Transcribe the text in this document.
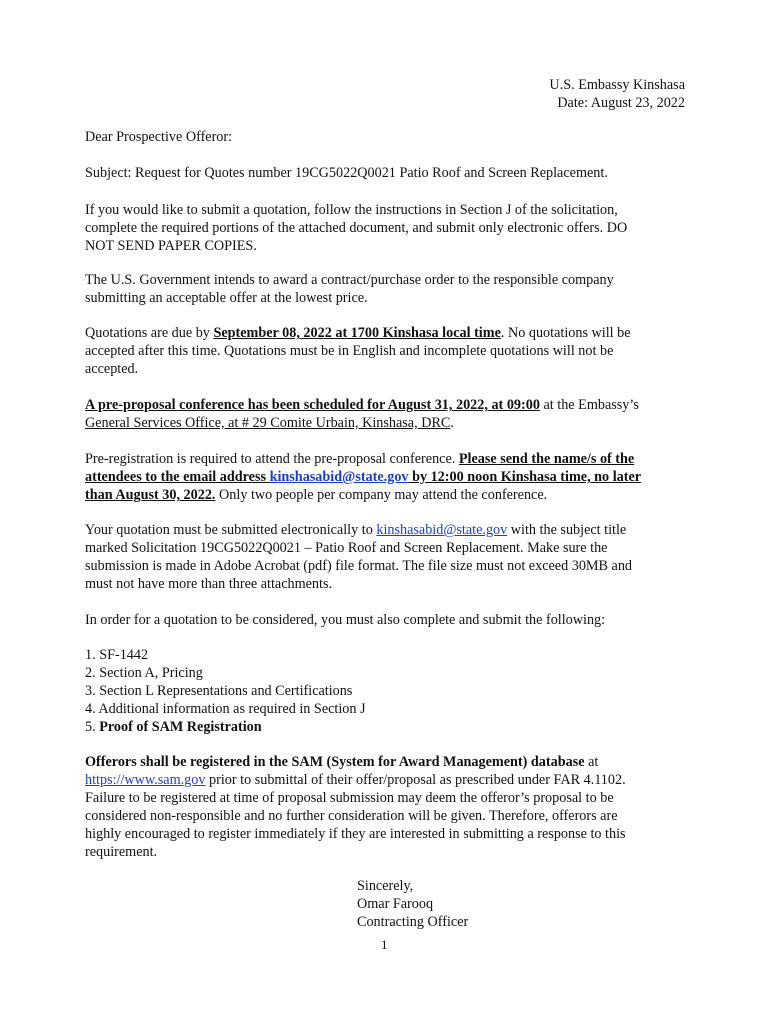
U.S. Embassy Kinshasa
Date: August 23, 2022
Dear Prospective Offeror:
Subject: Request for Quotes number 19CG5022Q0021 Patio Roof and Screen Replacement.
If you would like to submit a quotation, follow the instructions in Section J of the solicitation,
complete the required portions of the attached document, and submit only electronic offers. DO
NOT SEND PAPER COPIES.
The U.S. Government intends to award a contract/purchase order to the responsible company
submitting an acceptable offer at the lowest price.
Quotations are due by September 08, 2022 at 1700 Kinshasa local time. No quotations will be
accepted after this time. Quotations must be in English and incomplete quotations will not be
accepted.
A pre-proposal conference has been scheduled for August 31, 2022, at 09:00 at the Embassy’s
General Services Office, at # 29 Comite Urbain, Kinshasa, DRC.
Pre-registration is required to attend the pre-proposal conference. Please send the name/s of the
attendees to the email address kinshasabid@state.gov by 12:00 noon Kinshasa time, no later
than August 30, 2022. Only two people per company may attend the conference.
Your quotation must be submitted electronically to kinshasabid@state.gov with the subject title
marked Solicitation 19CG5022Q0021 – Patio Roof and Screen Replacement. Make sure the
submission is made in Adobe Acrobat (pdf) file format. The file size must not exceed 30MB and
must not have more than three attachments.
In order for a quotation to be considered, you must also complete and submit the following:
1. SF-1442
2. Section A, Pricing
3. Section L Representations and Certifications
4. Additional information as required in Section J
5. Proof of SAM Registration
Offerors shall be registered in the SAM (System for Award Management) database at
https://www.sam.gov prior to submittal of their offer/proposal as prescribed under FAR 4.1102.
Failure to be registered at time of proposal submission may deem the offeror’s proposal to be
considered non-responsible and no further consideration will be given. Therefore, offerors are
highly encouraged to register immediately if they are interested in submitting a response to this
requirement.
Sincerely,
Omar Farooq
Contracting Officer
1
